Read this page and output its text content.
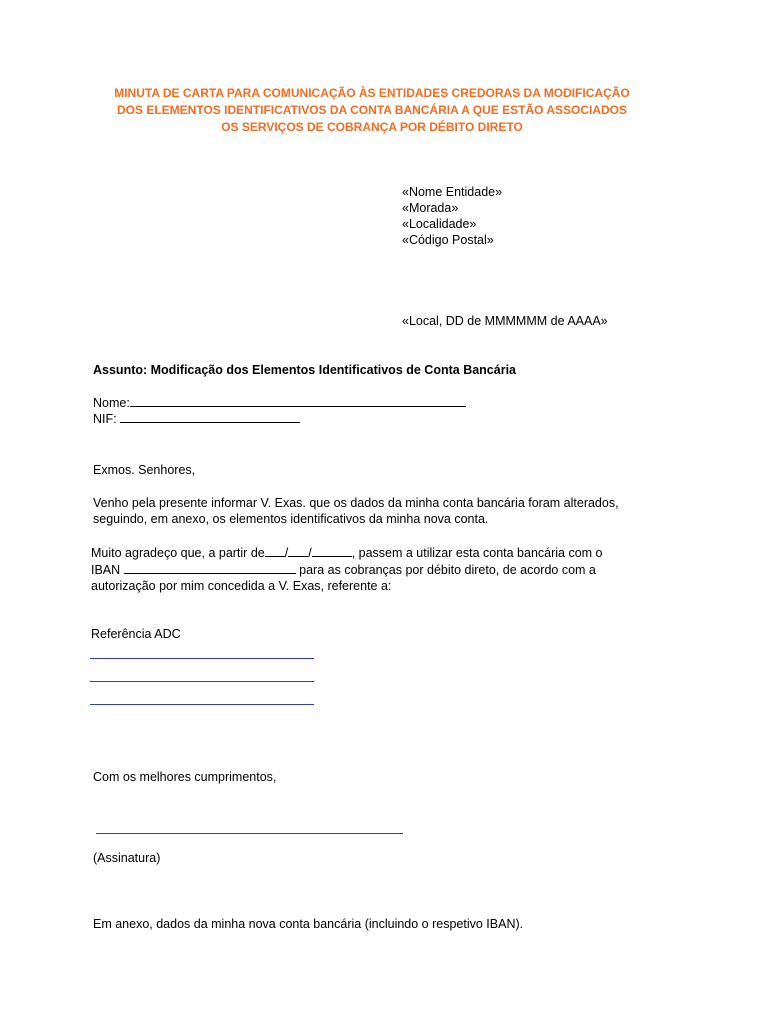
MINUTA DE CARTA PARA COMUNICAÇÃO ÀS ENTIDADES CREDORAS DA MODIFICAÇÃO
DOS ELEMENTOS IDENTIFICATIVOS DA CONTA BANCÁRIA A QUE ESTÃO ASSOCIADOS
OS SERVIÇOS DE COBRANÇA POR DÉBITO DIRETO
«Nome Entidade»
«Morada»
«Localidade»
«Código Postal»
«Local, DD de MMMMMM de AAAA»
Assunto: Modificação dos Elementos Identificativos de Conta Bancária
Nome:
NIF:
Exmos. Senhores,
Venho pela presente informar V. Exas. que os dados da minha conta bancária foram alterados,
seguindo, em anexo, os elementos identificativos da minha nova conta.
Muito agradeço que, a partir de / /	, passem a utilizar esta conta bancária com o
IBAN	para as cobranças por débito direto, de acordo com a
autorização por mim concedida a V. Exas, referente a:
Referência ADC
Com os melhores cumprimentos,
(Assinatura)
Em anexo, dados da minha nova conta bancária (incluindo o respetivo IBAN).
